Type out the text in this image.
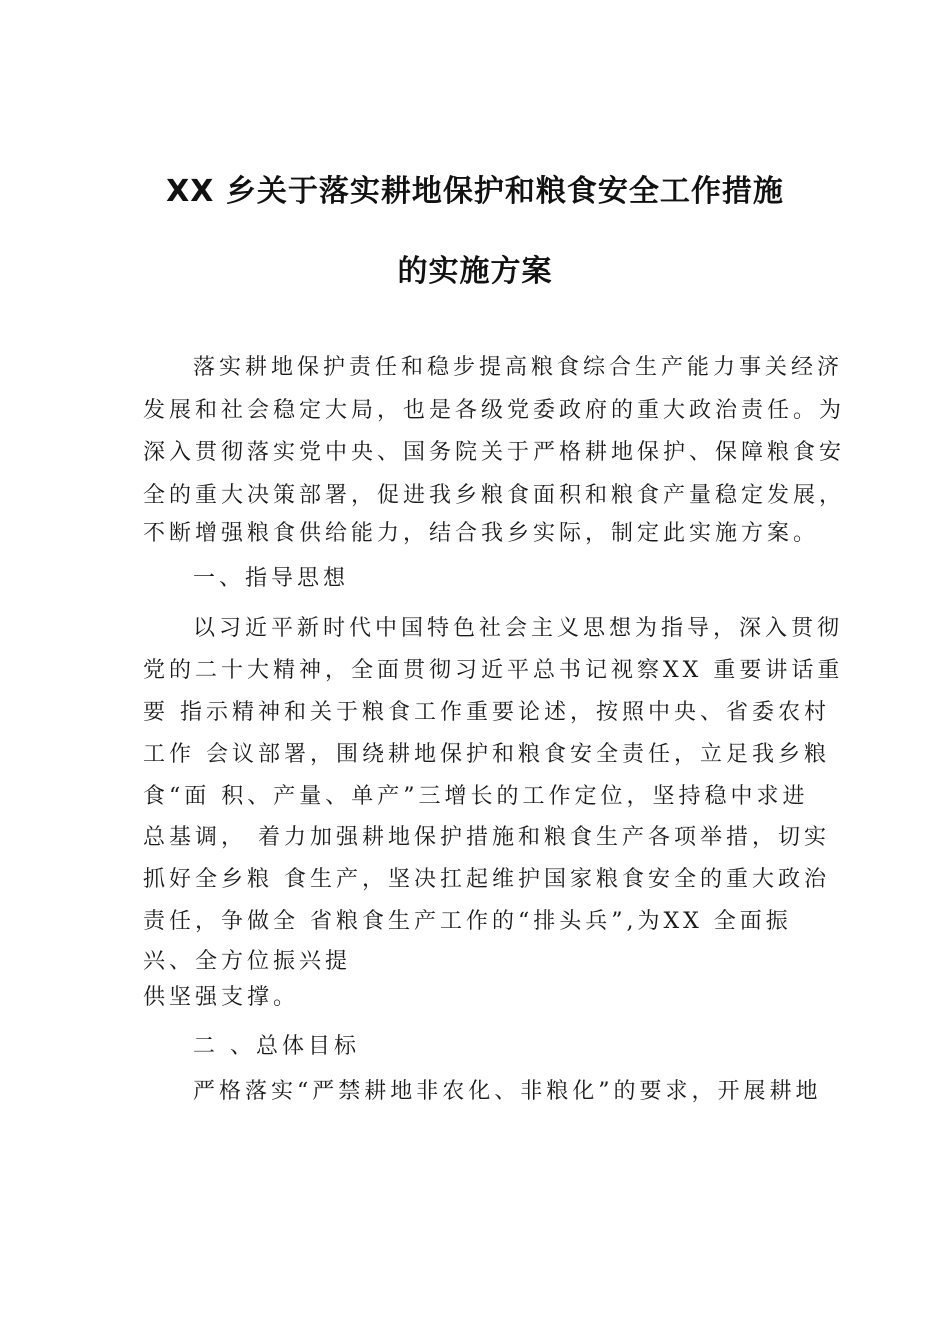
XX 乡关于落实耕地保护和粮食安全工作措施
的实施方案
落实耕地保护责任和稳步提高粮食综合生产能力事关经济
发展和社会稳定大局，也是各级党委政府的重大政治责任。为
深入贯彻落实党中央、国务院关于严格耕地保护、保障粮食安
全的重大决策部署，促进我乡粮食面积和粮食产量稳定发展，
不断增强粮食供给能力，结合我乡实际，制定此实施方案。
一、指导思想
以习近平新时代中国特色社会主义思想为指导，深入贯彻
党的二十大精神，全面贯彻习近平总书记视察XX 重要讲话重
要 指示精神和关于粮食工作重要论述，按照中央、省委农村
工作 会议部署，围绕耕地保护和粮食安全责任，立足我乡粮
食“面 积、产量、单产”三增长的工作定位，坚持稳中求进
总基调， 着力加强耕地保护措施和粮食生产各项举措，切实
抓好全乡粮 食生产，坚决扛起维护国家粮食安全的重大政治
责任，争做全 省粮食生产工作的“排头兵”,为XX 全面振
兴、全方位振兴提
供坚强支撑。
二 、总体目标
严格落实“严禁耕地非农化、非粮化”的要求，开展耕地
